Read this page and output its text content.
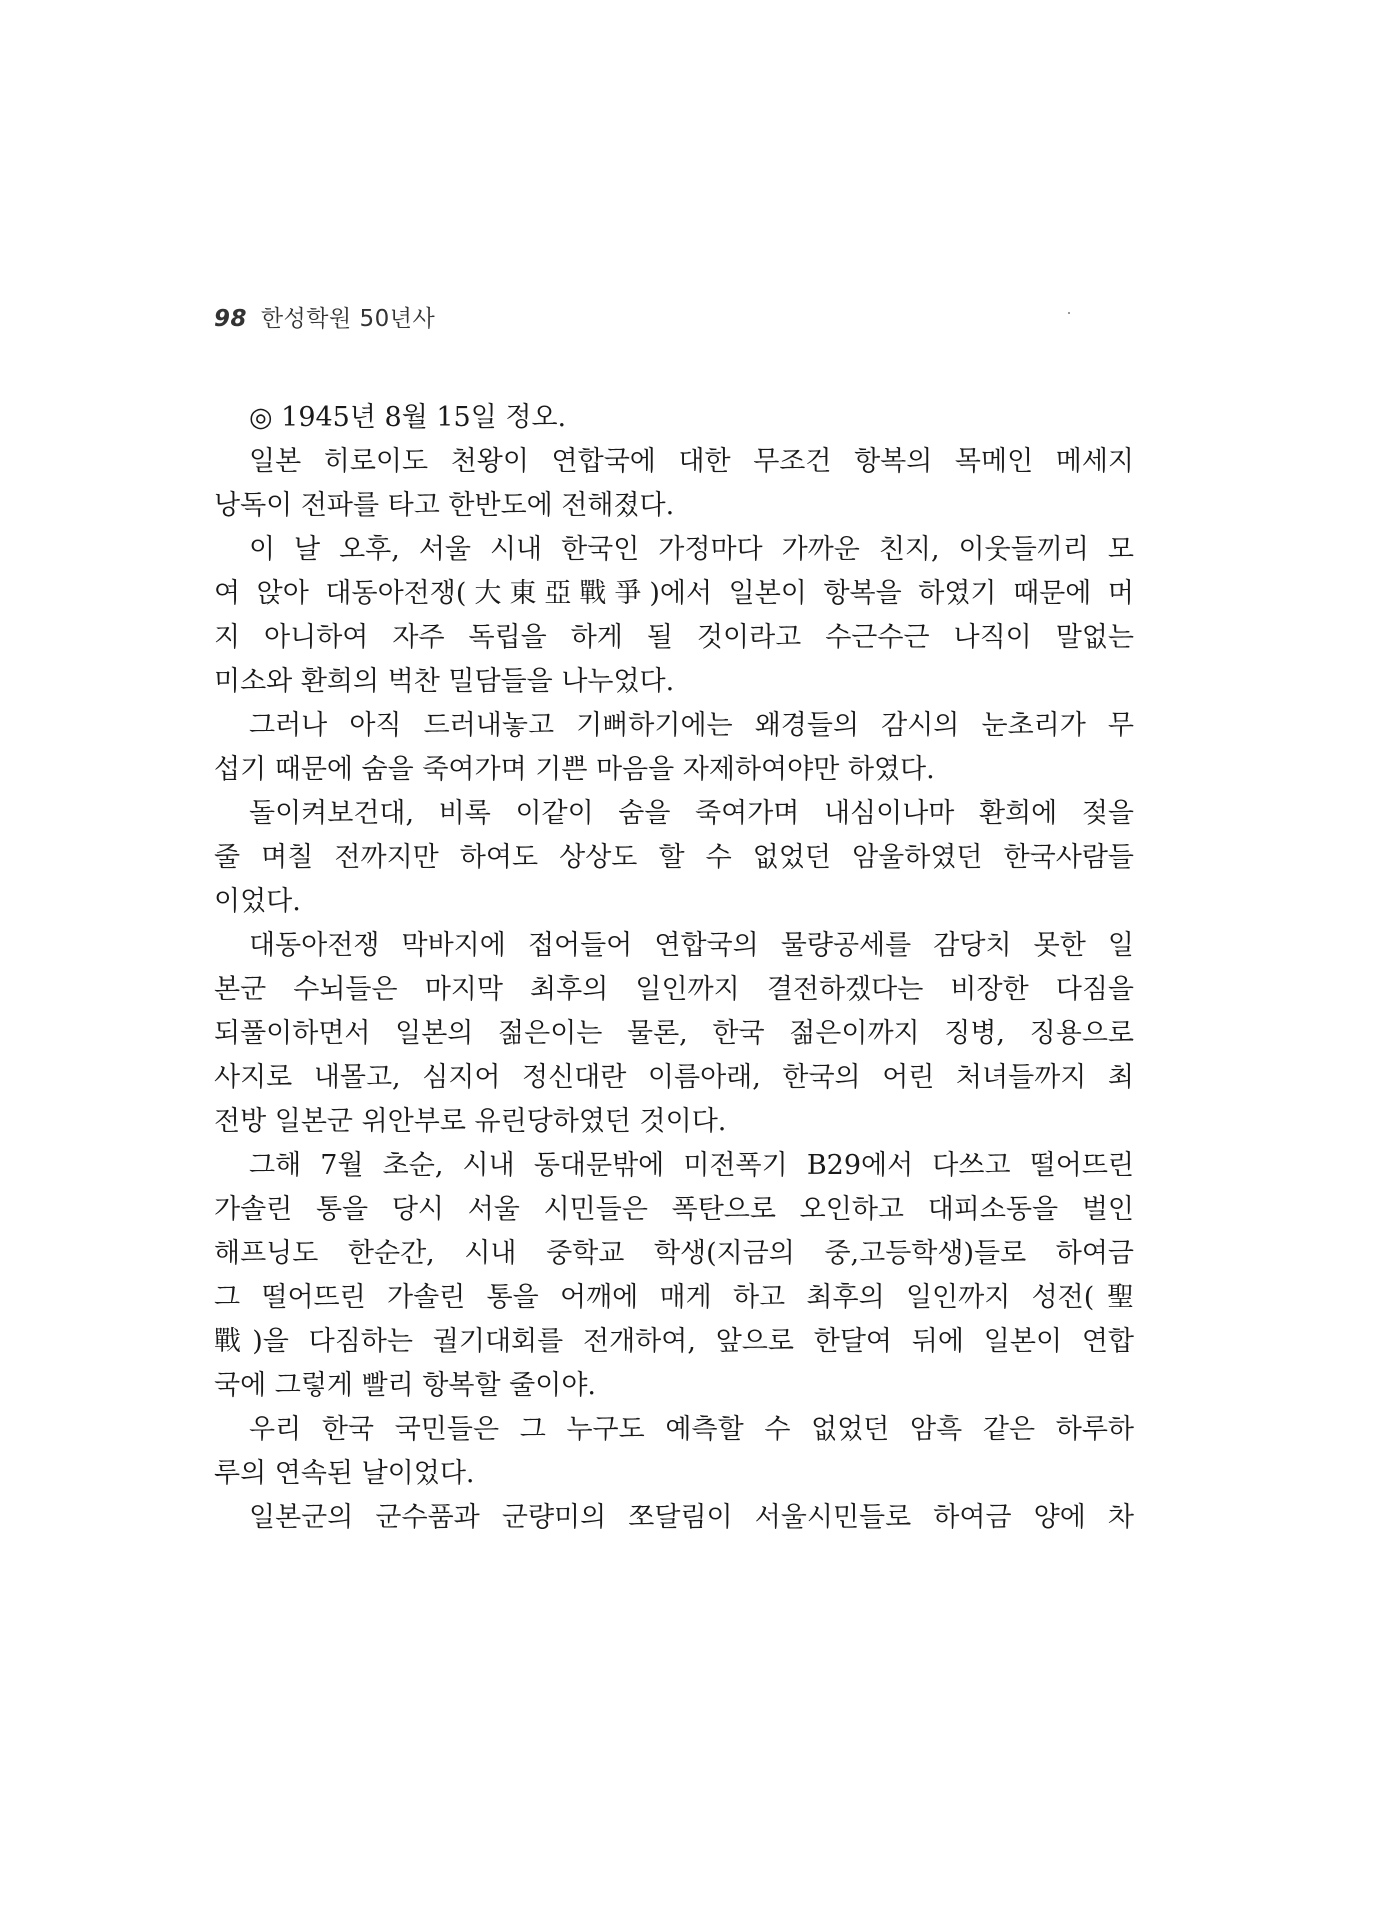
98 한성학원 50년사
◎ 1945년 8월 15일 정오.
일본 히로이도 천왕이 연합국에 대한 무조건 항복의 목메인 메세지
낭독이 전파를 타고 한반도에 전해졌다.
이 날 오후, 서울 시내 한국인 가정마다 가까운 친지, 이웃들끼리 모
여 앉아 대동아전쟁(大東亞戰爭)에서 일본이 항복을 하였기 때문에 머
지 아니하여 자주 독립을 하게 될 것이라고 수근수근 나직이 말없는
미소와 환희의 벅찬 밀담들을 나누었다.
그러나 아직 드러내놓고 기뻐하기에는 왜경들의 감시의 눈초리가 무
섭기 때문에 숨을 죽여가며 기쁜 마음을 자제하여야만 하였다.
돌이켜보건대, 비록 이같이 숨을 죽여가며 내심이나마 환희에 젖을
줄 며칠 전까지만 하여도 상상도 할 수 없었던 암울하였던 한국사람들
이었다.
대동아전쟁 막바지에 접어들어 연합국의 물량공세를 감당치 못한 일
본군 수뇌들은 마지막 최후의 일인까지 결전하겠다는 비장한 다짐을
되풀이하면서 일본의 젊은이는 물론, 한국 젊은이까지 징병, 징용으로
사지로 내몰고, 심지어 정신대란 이름아래, 한국의 어린 처녀들까지 최
전방 일본군 위안부로 유린당하였던 것이다.
그해 7월 초순, 시내 동대문밖에 미전폭기 B29에서 다쓰고 떨어뜨린
가솔린 통을 당시 서울 시민들은 폭탄으로 오인하고 대피소동을 벌인
해프닝도 한순간, 시내 중학교 학생(지금의 중,고등학생)들로 하여금
그 떨어뜨린 가솔린 통을 어깨에 매게 하고 최후의 일인까지 성전(聖
戰)을 다짐하는 궐기대회를 전개하여, 앞으로 한달여 뒤에 일본이 연합
국에 그렇게 빨리 항복할 줄이야.
우리 한국 국민들은 그 누구도 예측할 수 없었던 암흑 같은 하루하
루의 연속된 날이었다.
일본군의 군수품과 군량미의 쪼달림이 서울시민들로 하여금 양에 차
